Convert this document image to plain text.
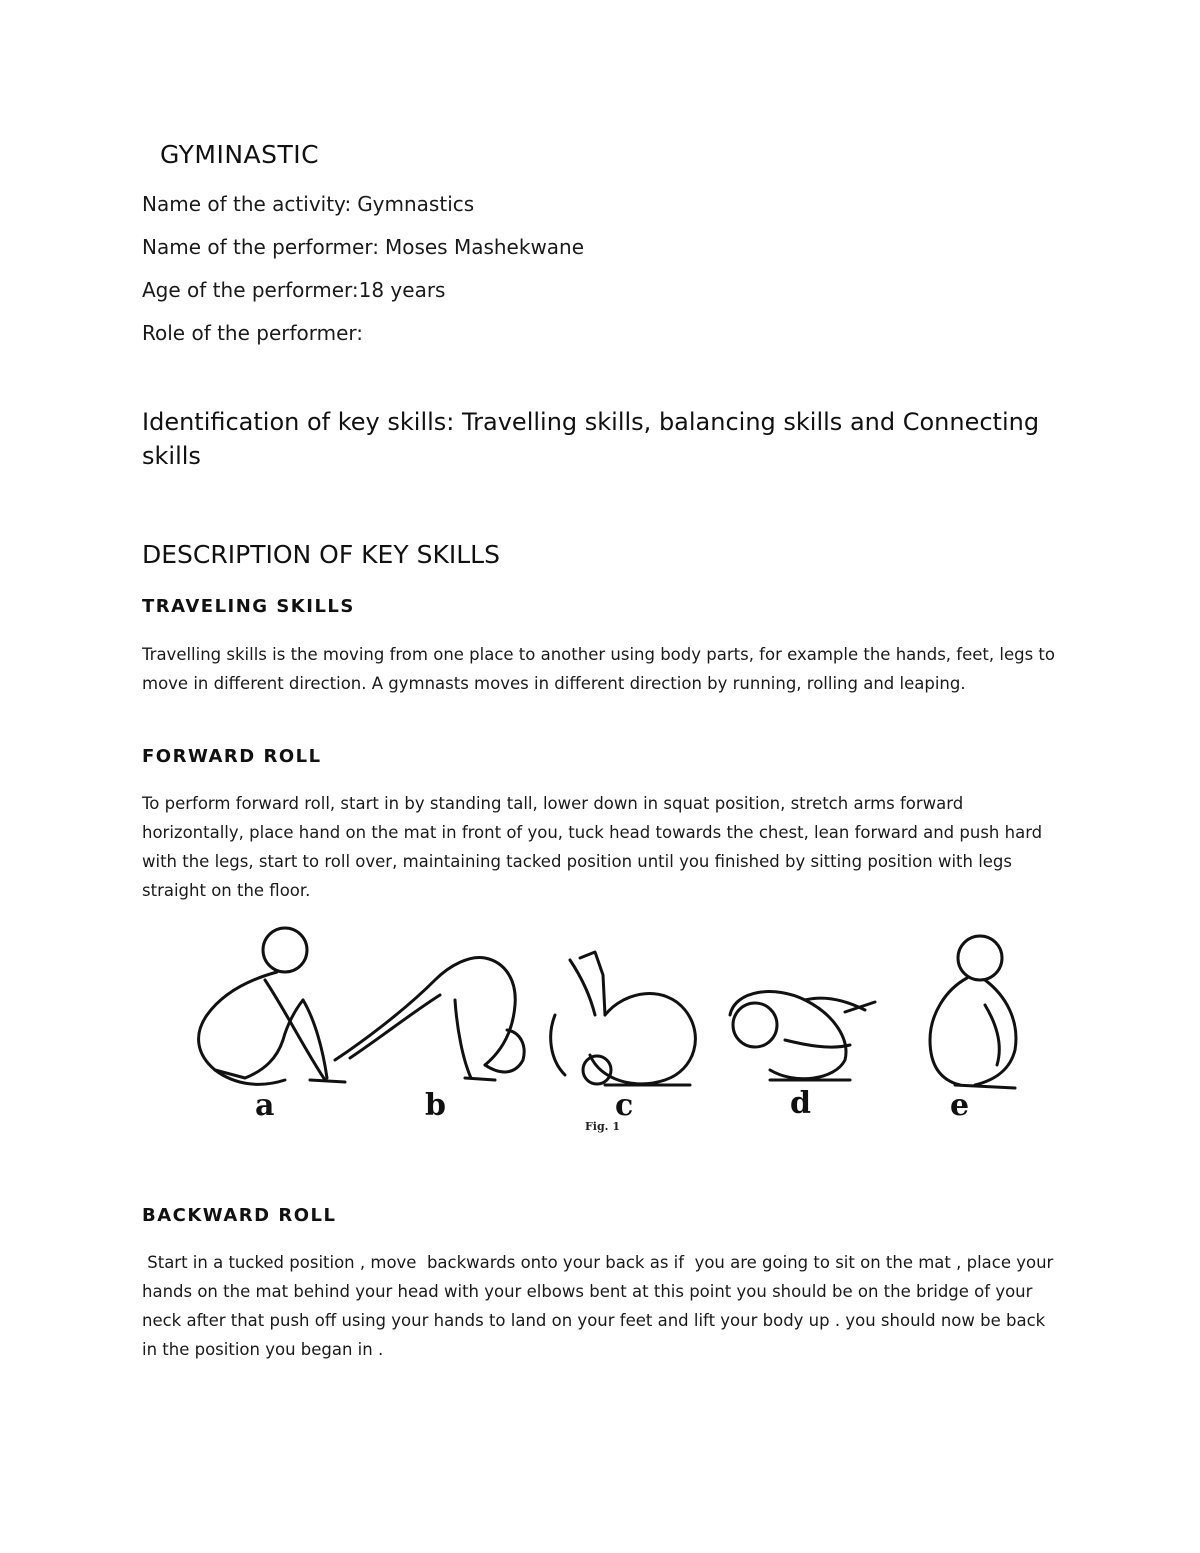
GYMINASTIC

Name of the activity: Gymnastics

Name of the performer: Moses Mashekwane

Age of the performer:18 years

Role of the performer:

Identification of key skills: Travelling skills, balancing skills and Connecting skills
DESCRIPTION OF KEY SKILLS
TRAVELING SKILLS

Travelling skills is the moving from one place to another using body parts, for example the hands, feet, legs to move in different direction. A gymnasts moves in different direction by running, rolling and leaping.

FORWARD ROLL

To perform forward roll, start in by standing tall, lower down in squat position, stretch arms forward horizontally, place hand on the mat in front of you, tuck head towards the chest, lean forward and push hard with the legs, start to roll over, maintaining tacked position until you finished by sitting position with legs straight on the floor.

a	b	c	d	e
Fig. 1
BACKWARD ROLL

Start in a tucked position , move  backwards onto your back as if  you are going to sit on the mat , place your hands on the mat behind your head with your elbows bent at this point you should be on the bridge of your neck after that push off using your hands to land on your feet and lift your body up . you should now be back in the position you began in .
